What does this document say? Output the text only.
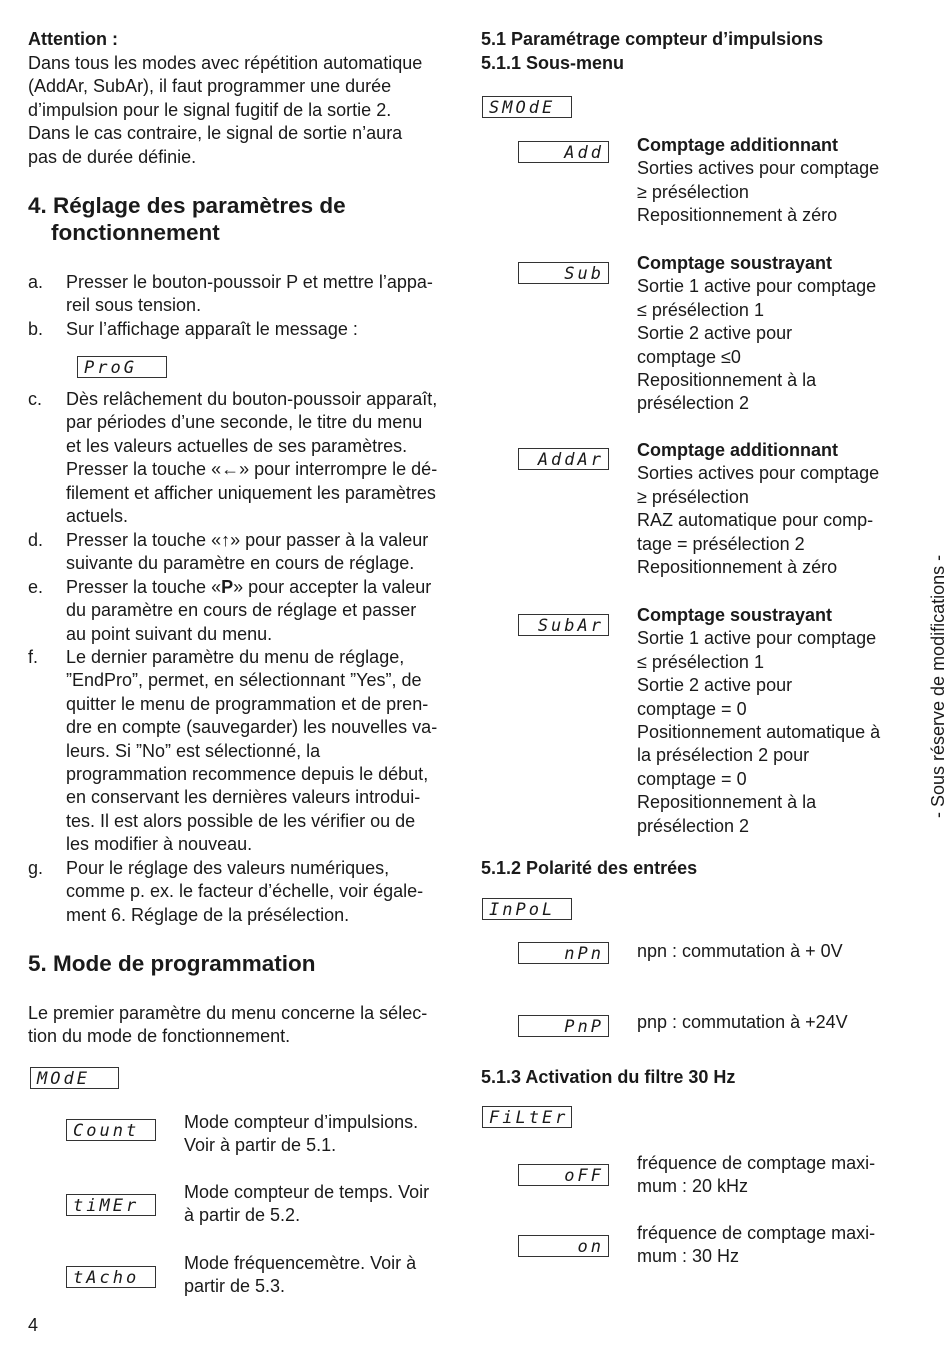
Attention :
Dans tous les modes avec répétition automatique
(AddAr, SubAr), il faut programmer une durée
d’impulsion pour le signal fugitif de la sortie 2.
Dans le cas contraire, le signal de sortie n’aura
pas de durée définie.
4. Réglage des paramètres de
fonctionnement
a. Presser le bouton-poussoir P et mettre l’appa-
reil sous tension.
b. Sur l’affichage apparaît le message :
ProG
c. Dès relâchement du bouton-poussoir apparaît,
par périodes d’une seconde, le titre du menu
et les valeurs actuelles de ses paramètres.
Presser la touche «←» pour interrompre le dé-
filement et afficher uniquement les paramètres
actuels.
d. Presser la touche «↑» pour passer à la valeur
suivante du paramètre en cours de réglage.
e. Presser la touche «P» pour accepter la valeur
du paramètre en cours de réglage et passer
au point suivant du menu.
f. Le dernier paramètre du menu de réglage,
”EndPro”, permet, en sélectionnant ”Yes”, de
quitter le menu de programmation et de pren-
dre en compte (sauvegarder) les nouvelles va-
leurs. Si ”No” est sélectionné, la
programmation recommence depuis le début,
en conservant les dernières valeurs introdui-
tes. Il est alors possible de les vérifier ou de
les modifier à nouveau.
g. Pour le réglage des valeurs numériques,
comme p. ex. le facteur d’échelle, voir égale-
ment 6. Réglage de la présélection.
5. Mode de programmation
Le premier paramètre du menu concerne la sélec-
tion du mode de fonctionnement.
MOdE
Count	Mode compteur d’impulsions.
Voir à partir de 5.1.
tiMEr
Mode compteur de temps. Voir
à partir de 5.2.
tAcho
Mode fréquencemètre. Voir à
partir de 5.3.
4
5.1 Paramétrage compteur d’impulsions
5.1.1 Sous-menu
SMOdE
Add Comptage additionnant
Sorties actives pour comptage
≥ présélection
Repositionnement à zéro
Sub
Comptage soustrayant
Sortie 1 active pour comptage
≤ présélection 1
Sortie 2 active pour
comptage ≤0
Repositionnement à la
présélection 2
AddAr Comptage additionnant
Sorties actives pour comptage
≥ présélection
RAZ automatique pour comp-
tage = présélection 2
Repositionnement à zéro
SubAr
Comptage soustrayant
Sortie 1 active pour comptage
≤ présélection 1
Sortie 2 active pour
comptage = 0
Positionnement automatique à
la présélection 2 pour
comptage = 0
Repositionnement à la
présélection 2
5.1.2 Polarité des entrées
InPoL
nPn npn : commutation à + 0V
PnP pnp : commutation à +24V
5.1.3 Activation du filtre 30 Hz
FiLtEr
oFF
fréquence de comptage maxi-
mum : 20 kHz
on
fréquence de comptage maxi-
mum : 30 Hz
- Sous réserve de modifications -
